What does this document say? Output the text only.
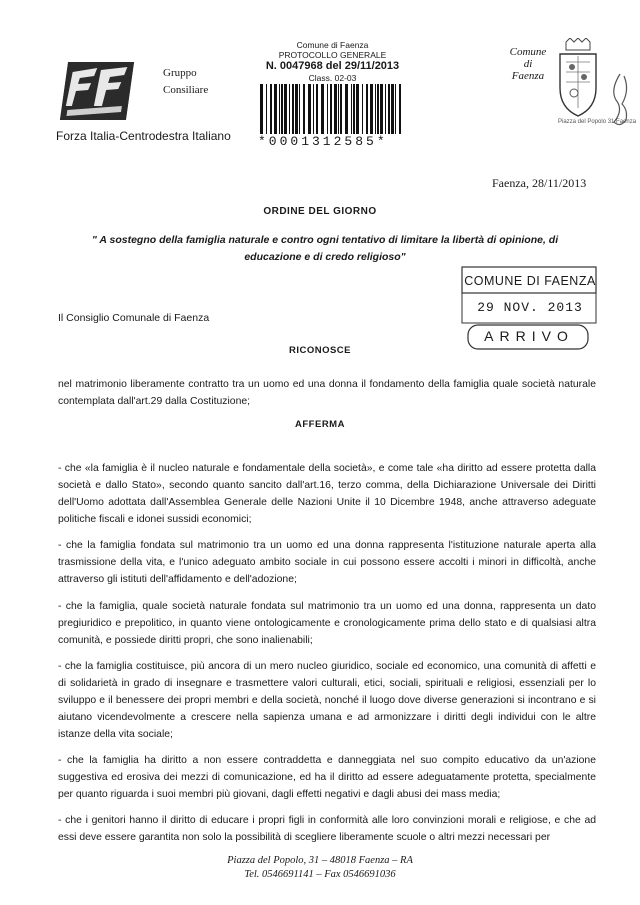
Gruppo
Consiliare
Forza Italia-Centrodestra Italiano
Comune di Faenza
PROTOCOLLO GENERALE
N. 0047968 del 29/11/2013
Class. 02-03
*0001312585*
Comune
di
Faenza
Piazza del Popolo 31 Faenza
Faenza, 28/11/2013
ORDINE DEL GIORNO
" A sostegno della famiglia naturale e contro ogni tentativo di limitare la libertà di opinione, di educazione e di credo religioso"
COMUNE DI FAENZA
29 NOV. 2013
ARRIVO
Il Consiglio Comunale di Faenza
RICONOSCE
nel matrimonio liberamente contratto tra un uomo ed una donna il fondamento della famiglia quale società naturale contemplata dall'art.29 dalla Costituzione;
AFFERMA
- che «la famiglia è il nucleo naturale e fondamentale della società», e come tale «ha diritto ad essere protetta dalla società e dallo Stato», secondo quanto sancito dall'art.16, terzo comma, della Dichiarazione Universale dei Diritti dell'Uomo adottata dall'Assemblea Generale delle Nazioni Unite il 10 Dicembre 1948, anche attraverso adeguate politiche fiscali e idonei sussidi economici;
- che la famiglia fondata sul matrimonio tra un uomo ed una donna rappresenta l'istituzione naturale aperta alla trasmissione della vita, e l'unico adeguato ambito sociale in cui possono essere accolti i minori in difficoltà, anche attraverso gli istituti dell'affidamento e dell'adozione;
- che la famiglia, quale società naturale fondata sul matrimonio tra un uomo ed una donna, rappresenta un dato pregiuridico e prepolitico, in quanto viene ontologicamente e cronologicamente prima dello stato e di qualsiasi altra comunità, e possiede diritti propri, che sono inalienabili;
- che la famiglia costituisce, più ancora di un mero nucleo giuridico, sociale ed economico, una comunità di affetti e di solidarietà in grado di insegnare e trasmettere valori culturali, etici, sociali, spirituali e religiosi, essenziali per lo sviluppo e il benessere dei propri membri e della società, nonché il luogo dove diverse generazioni si incontrano e si aiutano vicendevolmente a crescere nella sapienza umana e ad armonizzare i diritti degli individui con le altre istanze della vita sociale;
- che la famiglia ha diritto a non essere contraddetta e danneggiata nel suo compito educativo da un'azione suggestiva ed erosiva dei mezzi di comunicazione, ed ha il diritto ad essere adeguatamente protetta, specialmente per quanto riguarda i suoi membri più giovani, dagli effetti negativi e dagli abusi dei mass media;
- che i genitori hanno il diritto di educare i propri figli in conformità alle loro convinzioni morali e religiose, e che ad essi deve essere garantita non solo la possibilità di scegliere liberamente scuole o altri mezzi necessari per
Piazza del Popolo, 31 – 48018 Faenza – RA
Tel. 0546691141 – Fax 0546691036
